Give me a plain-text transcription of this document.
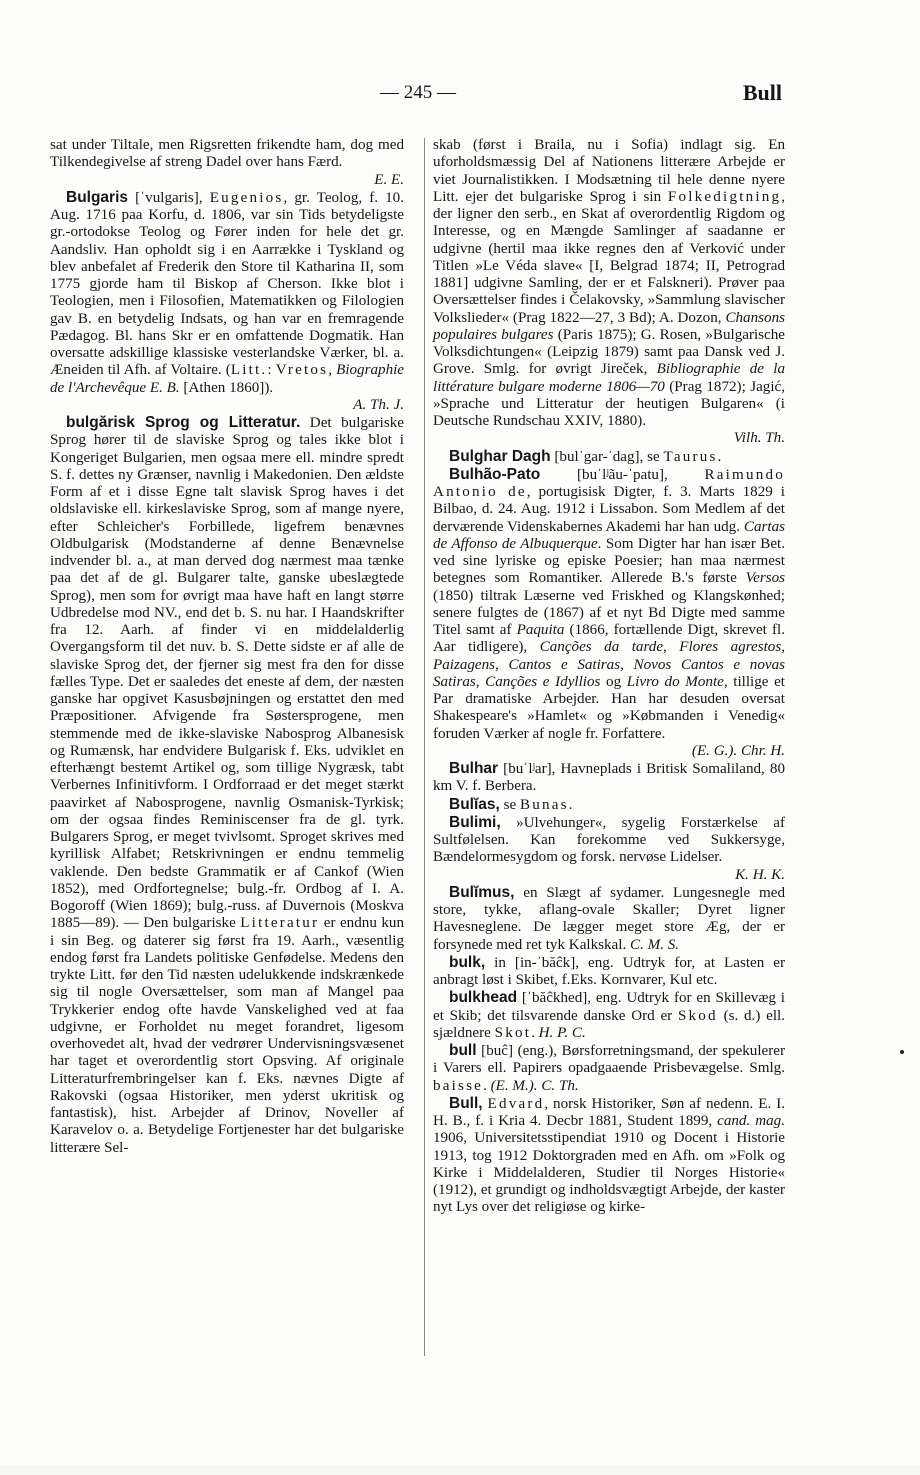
— 245 —	Bull

sat under Tiltale, men Rigsretten frikendte ham, dog med Tilkendegivelse af streng Dadel over hans Færd.
E. E.

Bulgaris [ˈvulgaris], Eugenios, gr. Teolog, f. 10. Aug. 1716 paa Korfu, d. 1806, var sin Tids betydeligste gr.-ortodokse Teolog og Fører inden for hele det gr. Aandsliv. Han opholdt sig i en Aarrække i Tyskland og blev anbefalet af Frederik den Store til Katharina II, som 1775 gjorde ham til Biskop af Cherson. Ikke blot i Teologien, men i Filosofien, Matematikken og Filologien gav B. en betydelig Indsats, og han var en fremragende Pædagog. Bl. hans Skr er en omfattende Dogmatik. Han oversatte adskillige klassiske vesterlandske Værker, bl. a. Æneiden til Afh. af Voltaire. (Litt.: Vretos, Biographie de l'Archevêque E. B. [Athen 1860]).
A. Th. J.

bulgărisk Sprog og Litteratur. Det bulgariske Sprog hører til de slaviske Sprog og tales ikke blot i Kongeriget Bulgarien, men ogsaa mere ell. mindre spredt S. f. dettes ny Grænser, navnlig i Makedonien. Den ældste Form af et i disse Egne talt slavisk Sprog haves i det oldslaviske ell. kirkeslaviske Sprog, som af mange nyere, efter Schleicher's Forbillede, ligefrem benævnes Oldbulgarisk (Modstanderne af denne Benævnelse indvender bl. a., at man derved dog nærmest maa tænke paa det af de gl. Bulgarer talte, ganske ubeslægtede Sprog), men som for øvrigt maa have haft en langt større Udbredelse mod NV., end det b. S. nu har. I Haandskrifter fra 12. Aarh. af finder vi en middelalderlig Overgangsform til det nuv. b. S. Dette sidste er af alle de slaviske Sprog det, der fjerner sig mest fra den for disse fælles Type. Det er saaledes det eneste af dem, der næsten ganske har opgivet Kasusbøjningen og erstattet den med Præpositioner. Afvigende fra Søstersprogene, men stemmende med de ikke-slaviske Nabosprog Albanesisk og Rumænsk, har endvidere Bulgarisk f. Eks. udviklet en efterhængt bestemt Artikel og, som tillige Nygræsk, tabt Verbernes Infinitivform. I Ordforraad er det meget stærkt paavirket af Nabosprogene, navnlig Osmanisk-Tyrkisk; om der ogsaa findes Reminiscenser fra de gl. tyrk. Bulgarers Sprog, er meget tvivlsomt. Sproget skrives med kyrillisk Alfabet; Retskrivningen er endnu temmelig vaklende. Den bedste Grammatik er af Cankof (Wien 1852), med Ordfortegnelse; bulg.-fr. Ordbog af I. A. Bogoroff (Wien 1869); bulg.-russ. af Duvernois (Moskva 1885—89). — Den bulgariske Litteratur er endnu kun i sin Beg. og daterer sig først fra 19. Aarh., væsentlig endog først fra Landets politiske Genfødelse. Medens den trykte Litt. før den Tid næsten udelukkende indskrænkede sig til nogle Oversættelser, som man af Mangel paa Trykkerier endog ofte havde Vanskelighed ved at faa udgivne, er Forholdet nu meget forandret, ligesom overhovedet alt, hvad der vedrører Undervisningsvæsenet har taget et overordentlig stort Opsving. Af originale Litteraturfrembringelser kan f. Eks. nævnes Digte af Rakovski (ogsaa Historiker, men yderst ukritisk og fantastisk), hist. Arbejder af Drinov, Noveller af Karavelov o. a. Betydelige Fortjenester har det bulgariske litterære Sel-

skab (først i Braila, nu i Sofia) indlagt sig. En uforholdsmæssig Del af Nationens litterære Arbejde er viet Journalistikken. I Modsætning til hele denne nyere Litt. ejer det bulgariske Sprog i sin Folkedigtning, der ligner den serb., en Skat af overordentlig Rigdom og Interesse, og en Mængde Samlinger af saadanne er udgivne (hertil maa ikke regnes den af Verković under Titlen »Le Véda slave« [I, Belgrad 1874; II, Petrograd 1881] udgivne Samling, der er et Falskneri). Prøver paa Oversættelser findes i Čelakovsky, »Sammlung slavischer Volkslieder« (Prag 1822—27, 3 Bd); A. Dozon, Chansons populaires bulgares (Paris 1875); G. Rosen, »Bulgarische Volksdichtungen« (Leipzig 1879) samt paa Dansk ved J. Grove. Smlg. for øvrigt Jireček, Bibliographie de la littérature bulgare moderne 1806—70 (Prag 1872); Jagić, »Sprache und Litteratur der heutigen Bulgaren« (i Deutsche Rundschau XXIV, 1880).
Vilh. Th.

Bulghar Dagh [bulˈgar-ˈdag], se Taurus.

Bulhão-Pato [buˈlʲãu-ˈpatu], Raimundo Antonio de, portugisisk Digter, f. 3. Marts 1829 i Bilbao, d. 24. Aug. 1912 i Lissabon. Som Medlem af det derværende Videnskabernes Akademi har han udg. Cartas de Affonso de Albuquerque. Som Digter har han især Bet. ved sine lyriske og episke Poesier; han maa nærmest betegnes som Romantiker. Allerede B.'s første Versos (1850) tiltrak Læserne ved Friskhed og Klangskønhed; senere fulgtes de (1867) af et nyt Bd Digte med samme Titel samt af Paquita (1866, fortællende Digt, skrevet fl. Aar tidligere), Canções da tarde, Flores agrestos, Paizagens, Cantos e Satiras, Novos Cantos e novas Satiras, Canções e Idyllios og Livro do Monte, tillige et Par dramatiske Arbejder. Han har desuden oversat Shakespeare's »Hamlet« og »Købmanden i Venedig« foruden Værker af nogle fr. Forfattere.
(E. G.). Chr. H.

Bulhar [buˈlʲar], Havneplads i Britisk Somaliland, 80 km V. f. Berbera.

Bulĭas, se Bunas.

Bulimi, »Ulvehunger«, sygelig Forstærkelse af Sultfølelsen. Kan forekomme ved Sukkersyge, Bændelormesygdom og forsk. nervøse Lidelser.
K. H. K.

Bulĭmus, en Slægt af sydamer. Lungesnegle med store, tykke, aflang-ovale Skaller; Dyret ligner Havesneglene. De lægger meget store Æg, der er forsynede med ret tyk Kalkskal. C. M. S.

bulk, in [in-ˈbăĉk], eng. Udtryk for, at Lasten er anbragt løst i Skibet, f.Eks. Kornvarer, Kul etc.

bulkhead [ˈbăĉkhed], eng. Udtryk for en Skillevæg i et Skib; det tilsvarende danske Ord er Skod (s. d.) ell. sjældnere Skot. H. P. C.

bull [buĉ] (eng.), Børsforretningsmand, der spekulerer i Varers ell. Papirers opadgaaende Prisbevægelse. Smlg. baisse. (E. M.). C. Th.

Bull, Edvard, norsk Historiker, Søn af nedenn. E. I. H. B., f. i Kria 4. Decbr 1881, Student 1899, cand. mag. 1906, Universitetsstipendiat 1910 og Docent i Historie 1913, tog 1912 Doktorgraden med en Afh. om »Folk og Kirke i Middelalderen, Studier til Norges Historie« (1912), et grundigt og indholdsvægtigt Arbejde, der kaster nyt Lys over det religiøse og kirke-
